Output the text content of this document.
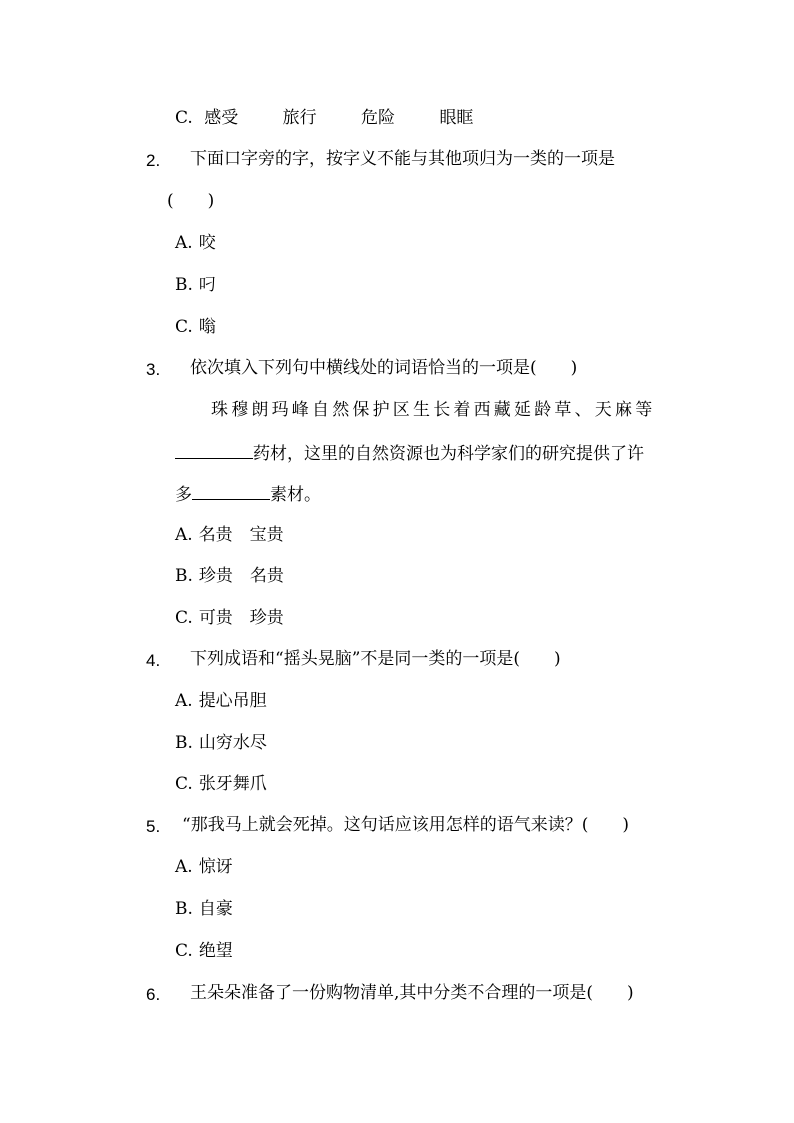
C. 感受	旅行	危险	眼眶
2. 下面口字旁的字，按字义不能与其他项归为一类的一项是
(　　)
A. 咬
B. 叼
C. 嗡
3. 依次填入下列句中横线处的词语恰当的一项是(　　)
珠穆朗玛峰自然保护区生长着西藏延龄草、天麻等
药材，这里的自然资源也为科学家们的研究提供了许
多	素材。
A. 名贵　宝贵
B. 珍贵　名贵
C. 可贵　珍贵
4. 下列成语和“摇头晃脑”不是同一类的一项是(　　)
A. 提心吊胆
B. 山穷水尽
C. 张牙舞爪
5. “那我马上就会死掉。这句话应该用怎样的语气来读？(　　)
A. 惊讶
B. 自豪
C. 绝望
6. 王朵朵准备了一份购物清单,其中分类不合理的一项是(　　)
